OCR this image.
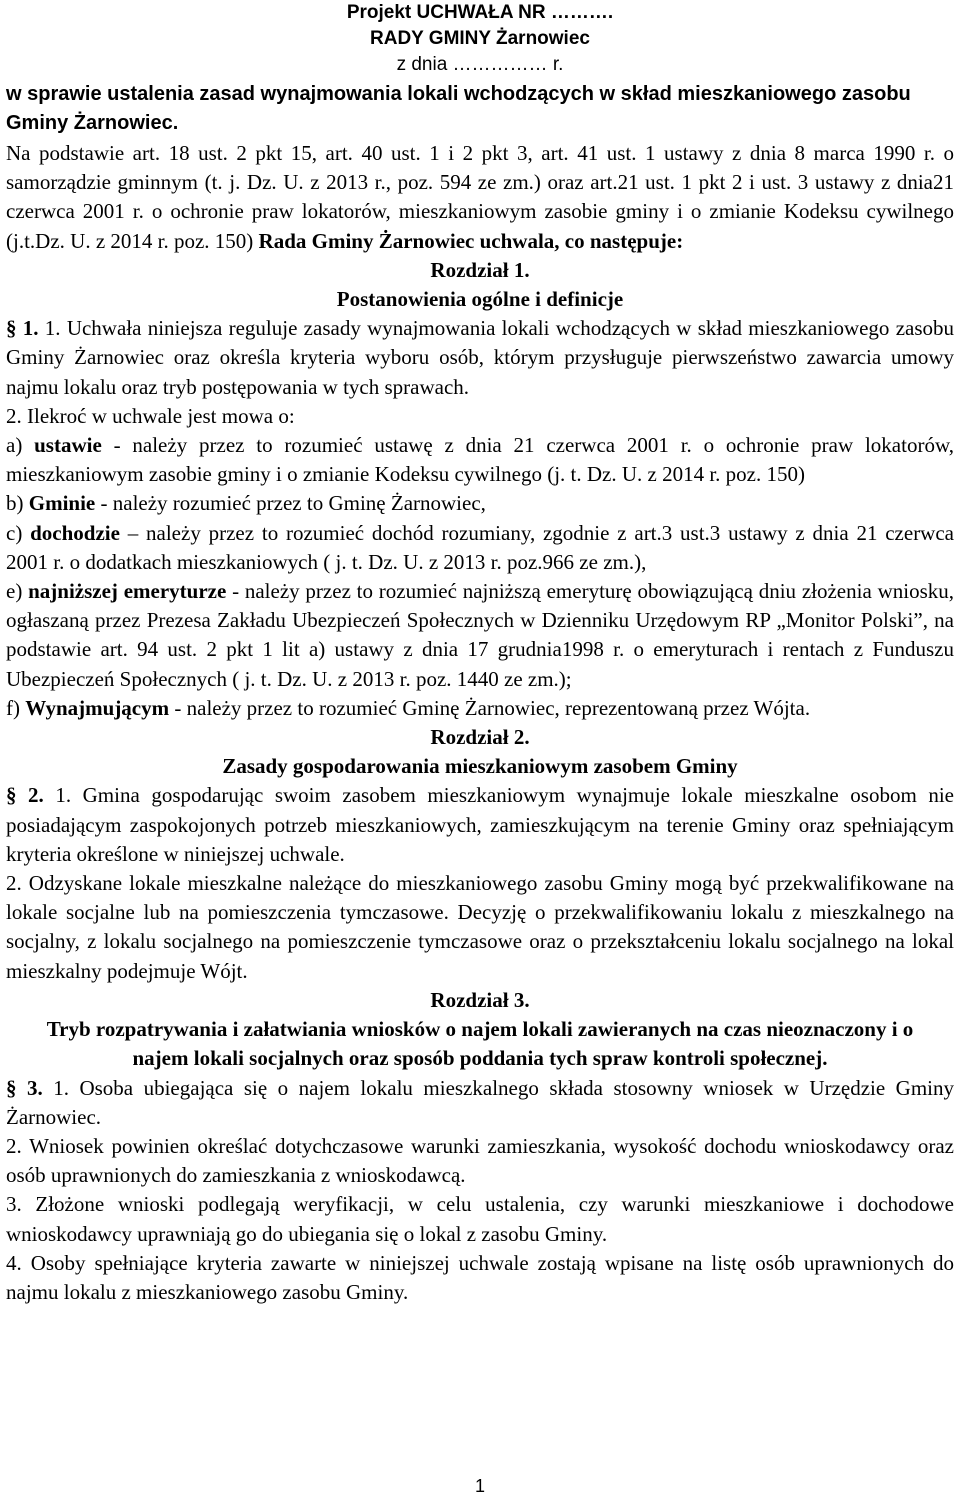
Projekt UCHWAŁA NR ……….
RADY GMINY Żarnowiec
z dnia …………… r.
w sprawie ustalenia zasad wynajmowania lokali wchodzących w skład mieszkaniowego zasobu Gminy Żarnowiec.

Na podstawie art. 18 ust. 2 pkt 15, art. 40 ust. 1 i 2 pkt 3, art. 41 ust. 1 ustawy z dnia 8 marca 1990 r. o samorządzie gminnym (t. j. Dz. U. z 2013 r., poz. 594 ze zm.) oraz art.21 ust. 1 pkt 2 i ust. 3 ustawy z dnia21 czerwca 2001 r. o ochronie praw lokatorów, mieszkaniowym zasobie gminy i o zmianie Kodeksu cywilnego (j.t.Dz. U. z 2014 r. poz. 150) Rada Gminy Żarnowiec uchwala, co następuje:

Rozdział 1.

Postanowienia ogólne i definicje

§ 1. 1. Uchwała niniejsza reguluje zasady wynajmowania lokali wchodzących w skład mieszkaniowego zasobu Gminy Żarnowiec oraz określa kryteria wyboru osób, którym przysługuje pierwszeństwo zawarcia umowy najmu lokalu oraz tryb postępowania w tych sprawach.

2. Ilekroć w uchwale jest mowa o:

a) ustawie - należy przez to rozumieć ustawę z dnia 21 czerwca 2001 r. o ochronie praw lokatorów, mieszkaniowym zasobie gminy i o zmianie Kodeksu cywilnego (j. t. Dz. U. z 2014 r. poz. 150)

b) Gminie - należy rozumieć przez to Gminę Żarnowiec,

c) dochodzie – należy przez to rozumieć dochód rozumiany, zgodnie z art.3 ust.3 ustawy z dnia 21 czerwca 2001 r. o dodatkach mieszkaniowych ( j. t. Dz. U. z 2013 r. poz.966 ze zm.),

e) najniższej emeryturze - należy przez to rozumieć najniższą emeryturę obowiązującą dniu złożenia wniosku, ogłaszaną przez Prezesa Zakładu Ubezpieczeń Społecznych w Dzienniku Urzędowym RP „Monitor Polski”, na podstawie art. 94 ust. 2 pkt 1 lit a) ustawy z dnia 17 grudnia1998 r. o emeryturach i rentach z Funduszu Ubezpieczeń Społecznych ( j. t. Dz. U. z 2013 r. poz. 1440 ze zm.);

f) Wynajmującym - należy przez to rozumieć Gminę Żarnowiec, reprezentowaną przez Wójta.

Rozdział 2.

Zasady gospodarowania mieszkaniowym zasobem Gminy

§ 2. 1. Gmina gospodarując swoim zasobem mieszkaniowym wynajmuje lokale mieszkalne osobom nie posiadającym zaspokojonych potrzeb mieszkaniowych, zamieszkującym na terenie Gminy oraz spełniającym kryteria określone w niniejszej uchwale.

2. Odzyskane lokale mieszkalne należące do mieszkaniowego zasobu Gminy mogą być przekwalifikowane na lokale socjalne lub na pomieszczenia tymczasowe. Decyzję o przekwalifikowaniu lokalu z mieszkalnego na socjalny, z lokalu socjalnego na pomieszczenie tymczasowe oraz o przekształceniu lokalu socjalnego na lokal mieszkalny podejmuje Wójt.

Rozdział 3.

Tryb rozpatrywania i załatwiania wniosków o najem lokali zawieranych na czas nieoznaczony i o najem lokali socjalnych oraz sposób poddania tych spraw kontroli społecznej.

§ 3. 1. Osoba ubiegająca się o najem lokalu mieszkalnego składa stosowny wniosek w Urzędzie Gminy Żarnowiec.

2. Wniosek powinien określać dotychczasowe warunki zamieszkania, wysokość dochodu wnioskodawcy oraz osób uprawnionych do zamieszkania z wnioskodawcą.

3. Złożone wnioski podlegają weryfikacji, w celu ustalenia, czy warunki mieszkaniowe i dochodowe wnioskodawcy uprawniają go do ubiegania się o lokal z zasobu Gminy.

4. Osoby spełniające kryteria zawarte w niniejszej uchwale zostają wpisane na listę osób uprawnionych do najmu lokalu z mieszkaniowego zasobu Gminy.

1
